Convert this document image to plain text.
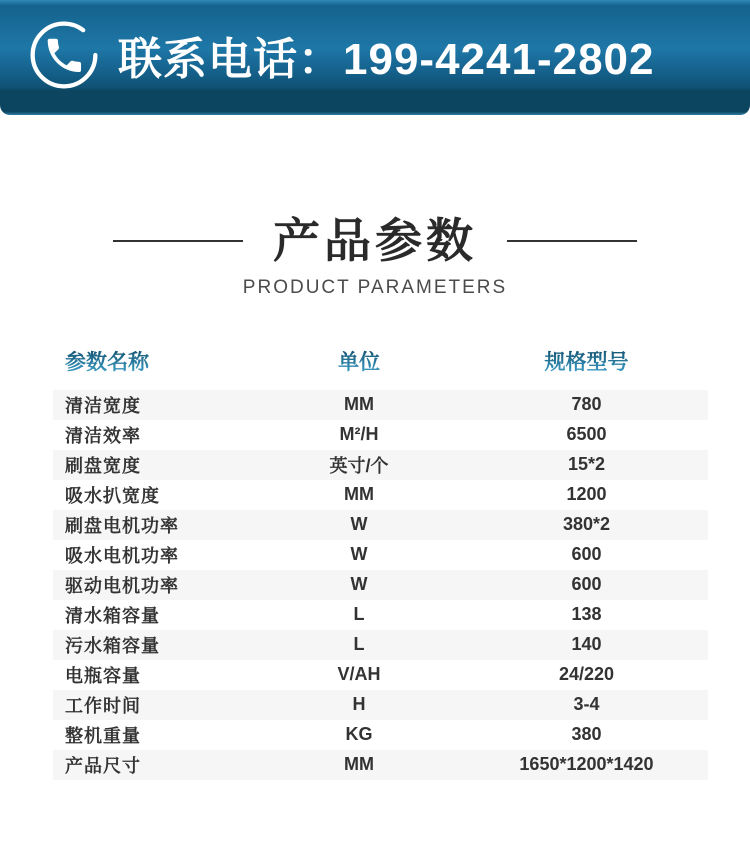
联系电话：199-4241-2802
产品参数
PRODUCT PARAMETERS
参数名称	单位	规格型号
清洁宽度	MM	780
清洁效率	M²/H	6500
刷盘宽度	英寸/个	15*2
吸水扒宽度	MM	1200
刷盘电机功率	W	380*2
吸水电机功率	W	600
驱动电机功率	W	600
清水箱容量	L	138
污水箱容量	L	140
电瓶容量	V/AH	24/220
工作时间	H	3-4
整机重量	KG	380
产品尺寸	MM	1650*1200*1420
